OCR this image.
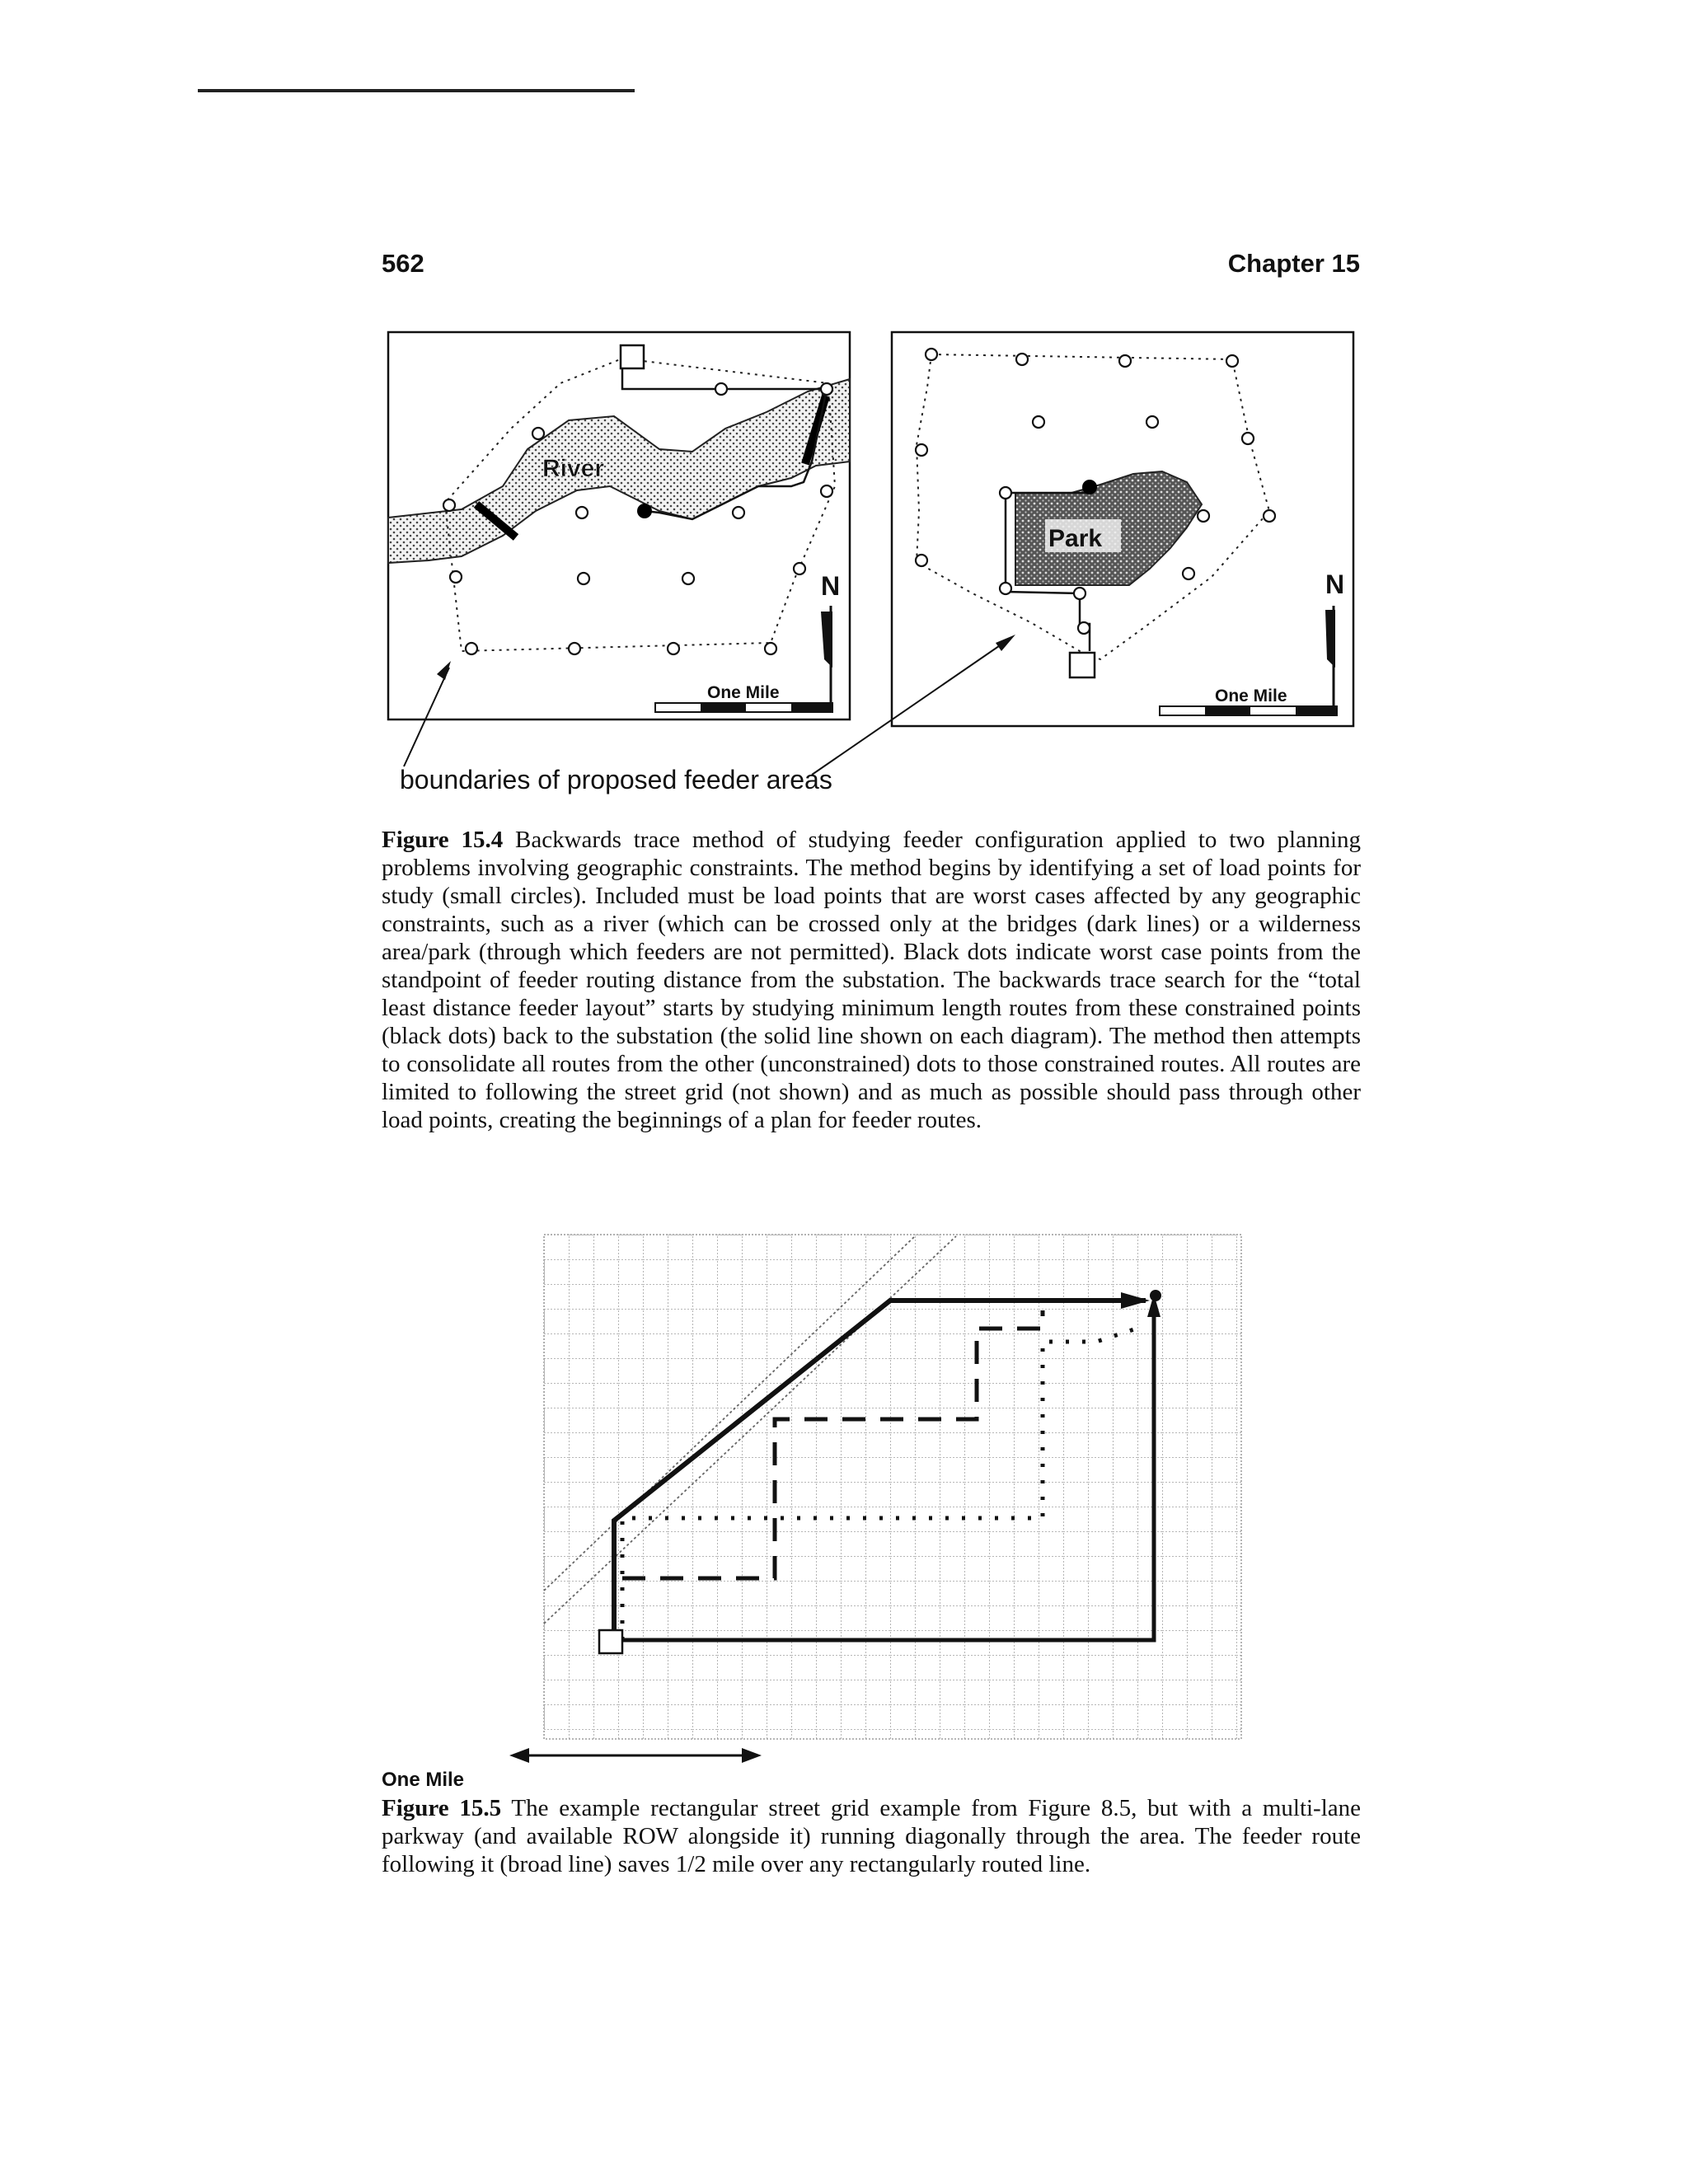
562	Chapter 15
River
N
One Mile
Park
N
One Mile
boundaries of proposed feeder areas
One Mile
Figure 15.4 Backwards trace method of studying feeder configuration applied to two planning problems involving geographic constraints. The method begins by identifying a set of load points for study (small circles). Included must be load points that are worst cases affected by any geographic constraints, such as a river (which can be crossed only at the bridges (dark lines) or a wilderness area/park (through which feeders are not permitted). Black dots indicate worst case points from the standpoint of feeder routing distance from the substation. The backwards trace search for the “total least distance feeder layout” starts by studying minimum length routes from these constrained points (black dots) back to the substation (the solid line shown on each diagram). The method then attempts to consolidate all routes from the other (unconstrained) dots to those constrained routes. All routes are limited to following the street grid (not shown) and as much as possible should pass through other load points, creating the beginnings of a plan for feeder routes.
Figure 15.5 The example rectangular street grid example from Figure 8.5, but with a multi-lane parkway (and available ROW alongside it) running diagonally through the area. The feeder route following it (broad line) saves 1/2 mile over any rectangularly routed line.
